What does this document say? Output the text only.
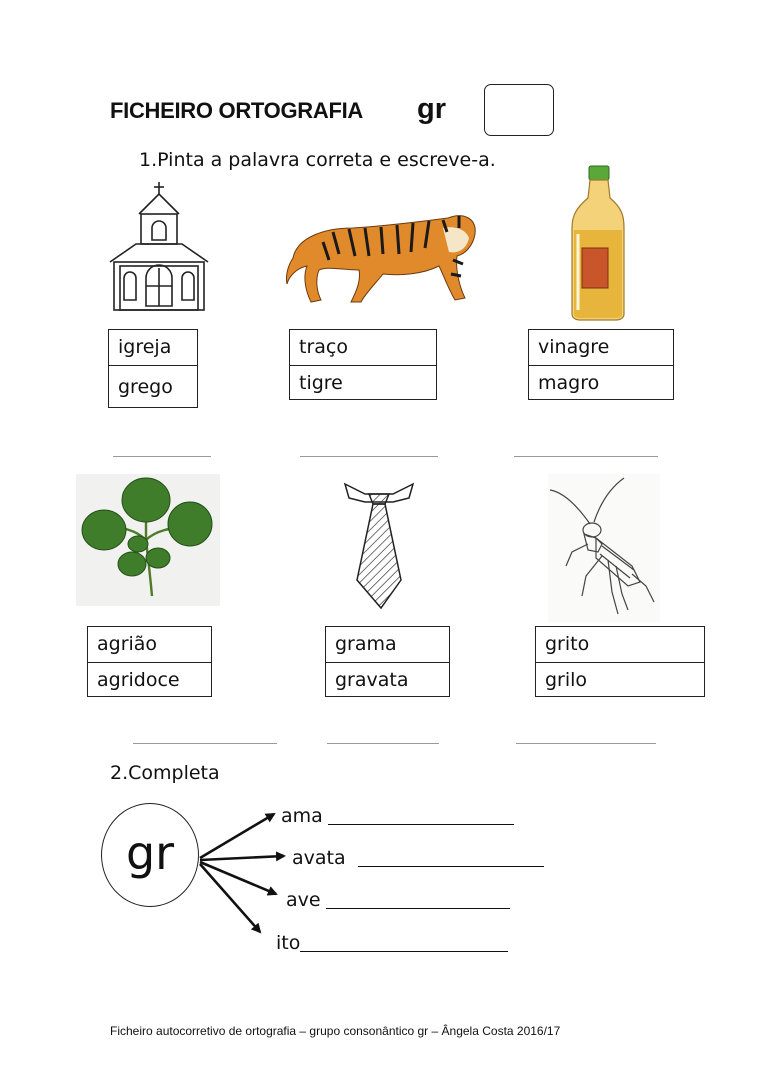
FICHEIRO ORTOGRAFIA gr
1.Pinta a palavra correta e escreve-a.
igreja
grego
traço
tigre
vinagre
magro
agrião
agridoce
grama
gravata
grito
grilo
2.Completa
gr
ama
avata
ave
ito
Ficheiro autocorretivo de ortografia – grupo consonântico gr – Ângela Costa 2016/17
